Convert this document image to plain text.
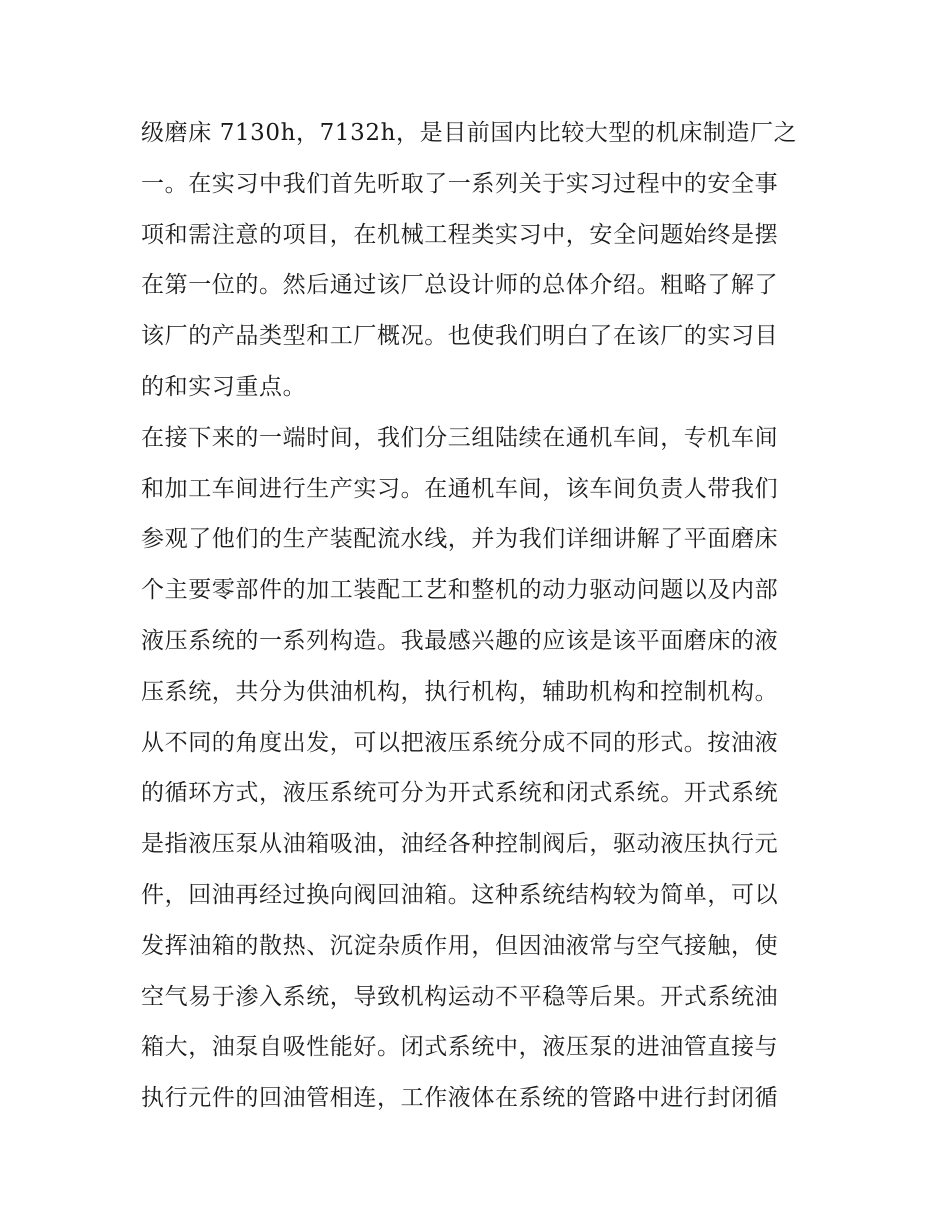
级磨床 7130h，7132h，是目前国内比较大型的机床制造厂之
一。在实习中我们首先听取了一系列关于实习过程中的安全事
项和需注意的项目，在机械工程类实习中，安全问题始终是摆
在第一位的。然后通过该厂总设计师的总体介绍。粗略了解了
该厂的产品类型和工厂概况。也使我们明白了在该厂的实习目
的和实习重点。
在接下来的一端时间，我们分三组陆续在通机车间，专机车间
和加工车间进行生产实习。在通机车间，该车间负责人带我们
参观了他们的生产装配流水线，并为我们详细讲解了平面磨床
个主要零部件的加工装配工艺和整机的动力驱动问题以及内部
液压系统的一系列构造。我最感兴趣的应该是该平面磨床的液
压系统，共分为供油机构，执行机构，辅助机构和控制机构。
从不同的角度出发，可以把液压系统分成不同的形式。按油液
的循环方式，液压系统可分为开式系统和闭式系统。开式系统
是指液压泵从油箱吸油，油经各种控制阀后，驱动液压执行元
件，回油再经过换向阀回油箱。这种系统结构较为简单，可以
发挥油箱的散热、沉淀杂质作用，但因油液常与空气接触，使
空气易于渗入系统，导致机构运动不平稳等后果。开式系统油
箱大，油泵自吸性能好。闭式系统中，液压泵的进油管直接与
执行元件的回油管相连，工作液体在系统的管路中进行封闭循
